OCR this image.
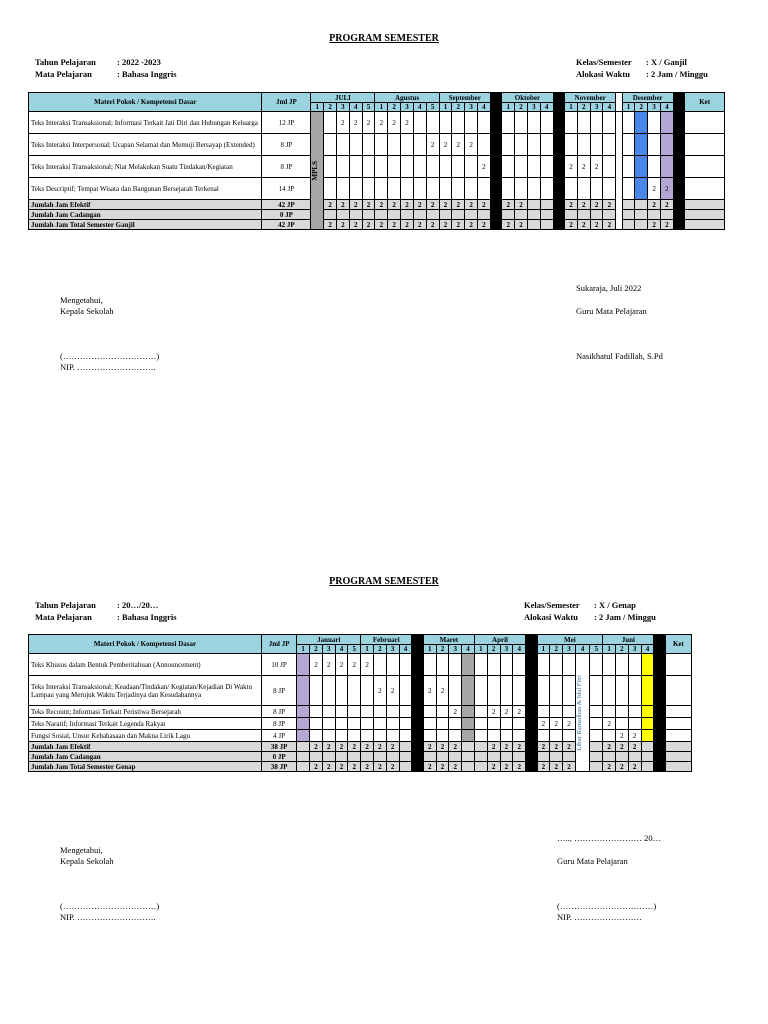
PROGRAM SEMESTER
Tahun Pelajaran : 2022 -2023
Mata Pelajaran	: Bahasa Inggris
Kelas/Semester : X / Ganjil
Alokasi Waktu : 2 Jam / Minggu
Materi Pokok / Kompetensi Dasar	Jml JP	JULI					Agustus					September					Oktober					November					Desember					Ket
		1	2	3	4	5	1	2	3	4	5	1	2	3	4		1	2	3	4		1	2	3	4		1	2	3	4		
Teks Interaksi Transaksional; Informasi Terkait Jati Diri dan Hubungan Keluarga	12 JP	MPLS		2	2	2	2	2	2																							
Teks Interaksi Interpersonal; Ucapan Selamat dan Memuji Bersayap (Extended)	8 JP										2	2	2	2																		
Teks Interaksi Transaksional; Niat Melakukan Suatu Tindakan/Kegiatan	8 JP														2							2	2	2								
Teks Descriptif; Tempat Wisata dan Bangunan Bersejarah Terkenal	14 JP																												2	2		
Jumlah Jam Efektif	42 JP		2	2	2	2	2	2	2	2	2	2	2	2	2		2	2				2	2	2	2				2	2		
Jumlah Jam Cadangan	0 JP																															
Jumlah Jam Total Semester Ganjil	42 JP		2	2	2	2	2	2	2	2	2	2	2	2	2		2	2				2	2	2	2				2	2		
Sukaraja, Juli 2022
Mengetahui,
Kepala Sekolah	Guru Mata Pelajaran
(……………………………)
NIP. ……………………….
Nasikhatul Fadillah, S.Pd
PROGRAM SEMESTER
Tahun Pelajaran : 20…/20…
Mata Pelajaran	: Bahasa Inggris
Kelas/Semester : X / Genap
Alokasi Waktu : 2 Jam / Minggu
Materi Pokok / Kompetensi Dasar	Jml JP	Januari					Februari					Maret				April					Mei					Juni					Ket
		1	2	3	4	5	1	2	3	4		1	2	3	4	1	2	3	4		1	2	3	4	5	1	2	3	4		
Teks Khusus dalam Bentuk Pemberitahuan (Announcement)	10 JP		2	2	2	2	2																	Libur Ramadhan & Idul Fitri							

Teks Interaksi Transaksional; Keadaan/Tindakan/ Kegiatan/Kejadian Di Waktu Lampau yang Merujuk Waktu Terjadinya dan Kesudahannya	8 JP							2	2			2	2																		
Teks Recount; Informasi Terkait Peristiwa Bersejarah	8 JP													2			2	2	2												
Teks Naratif; Informasi Terkait Legenda Rakyat	8 JP																				2	2	2			2					
Fungsi Sosial, Unsur Kebahasaan dan Makna Lirik Lagu	4 JP																										2	2			
Jumlah Jam Efektif	38 JP		2	2	2	2	2	2	2			2	2	2			2	2	2		2	2	2			2	2	2			
Jumlah Jam Cadangan	0 JP																														
Jumlah Jam Total Semester Genap	38 JP		2	2	2	2	2	2	2			2	2	2			2	2	2		2	2	2			2	2	2			
….., …………………… 20…
Mengetahui,
Kepala Sekolah	Guru Mata Pelajaran
(……………………………)
NIP. ……………………….
(……………………………)
NIP. ……………………
